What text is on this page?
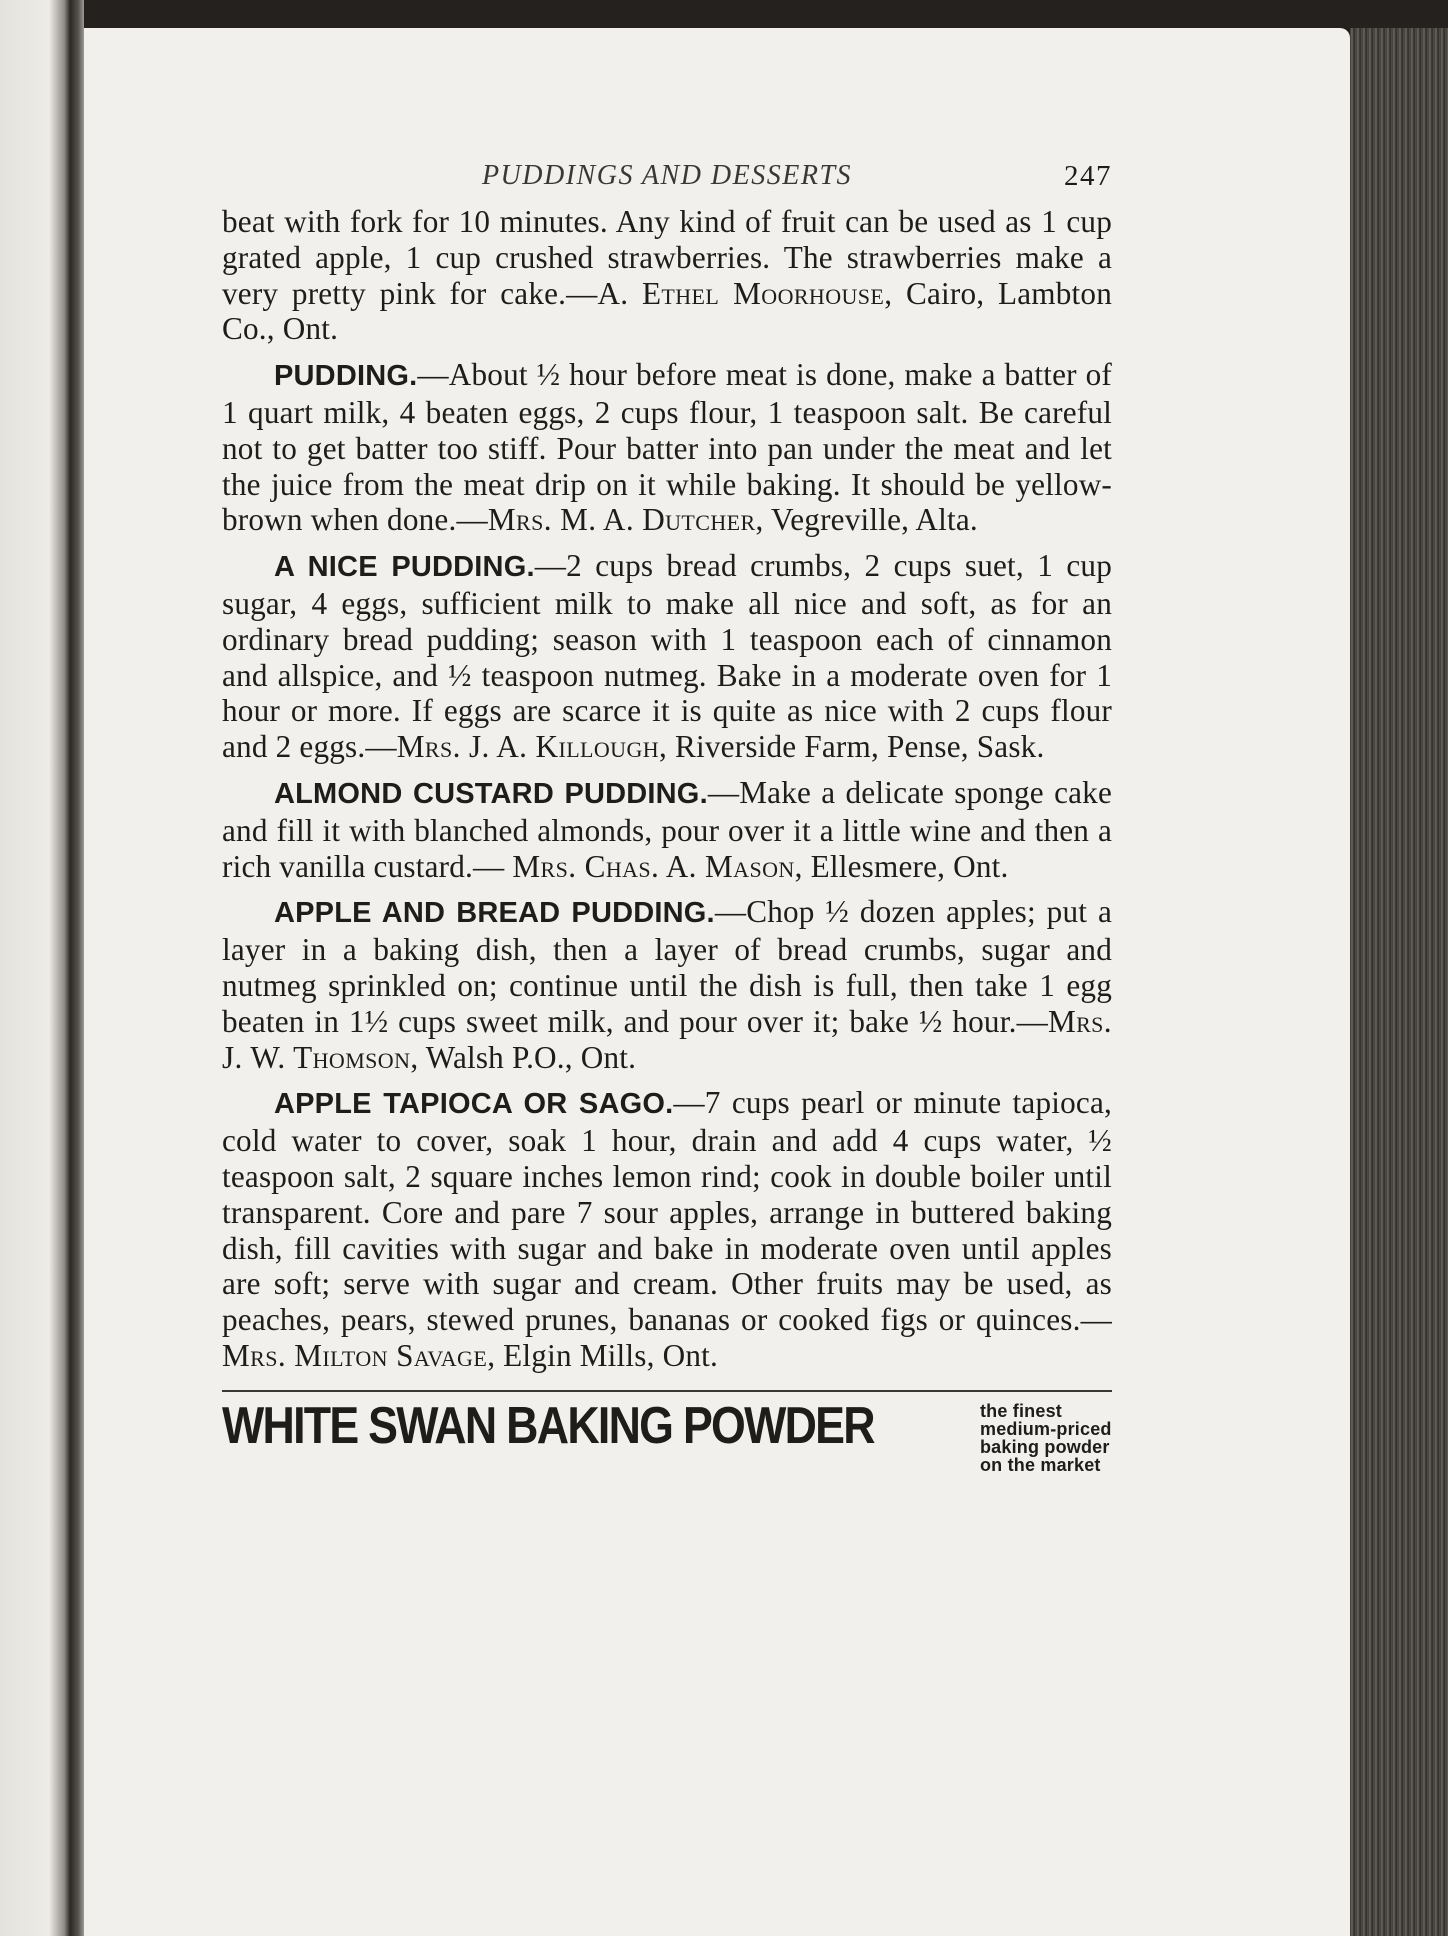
PUDDINGS AND DESSERTS	247

beat with fork for 10 minutes. Any kind of fruit can be used as 1 cup grated apple, 1 cup crushed strawberries. The strawberries make a very pretty pink for cake.—A. Ethel Moorhouse, Cairo, Lambton Co., Ont.

PUDDING.—About ½ hour before meat is done, make a batter of 1 quart milk, 4 beaten eggs, 2 cups flour, 1 teaspoon salt. Be careful not to get batter too stiff. Pour batter into pan under the meat and let the juice from the meat drip on it while baking. It should be yellow-brown when done.—Mrs. M. A. Dutcher, Vegreville, Alta.

A NICE PUDDING.—2 cups bread crumbs, 2 cups suet, 1 cup sugar, 4 eggs, sufficient milk to make all nice and soft, as for an ordinary bread pudding; season with 1 teaspoon each of cinnamon and allspice, and ½ teaspoon nutmeg. Bake in a moderate oven for 1 hour or more. If eggs are scarce it is quite as nice with 2 cups flour and 2 eggs.—Mrs. J. A. Killough, Riverside Farm, Pense, Sask.

ALMOND CUSTARD PUDDING.—Make a delicate sponge cake and fill it with blanched almonds, pour over it a little wine and then a rich vanilla custard.— Mrs. Chas. A. Mason, Ellesmere, Ont.

APPLE AND BREAD PUDDING.—Chop ½ dozen apples; put a layer in a baking dish, then a layer of bread crumbs, sugar and nutmeg sprinkled on; continue until the dish is full, then take 1 egg beaten in 1½ cups sweet milk, and pour over it; bake ½ hour.—Mrs. J. W. Thomson, Walsh P.O., Ont.

APPLE TAPIOCA OR SAGO.—7 cups pearl or minute tapioca, cold water to cover, soak 1 hour, drain and add 4 cups water, ½ teaspoon salt, 2 square inches lemon rind; cook in double boiler until transparent. Core and pare 7 sour apples, arrange in buttered baking dish, fill cavities with sugar and bake in moderate oven until apples are soft; serve with sugar and cream. Other fruits may be used, as peaches, pears, stewed prunes, bananas or cooked figs or quinces.—Mrs. Milton Savage, Elgin Mills, Ont.

WHITE SWAN BAKING POWDER	the finest medium-priced baking powder on the market
